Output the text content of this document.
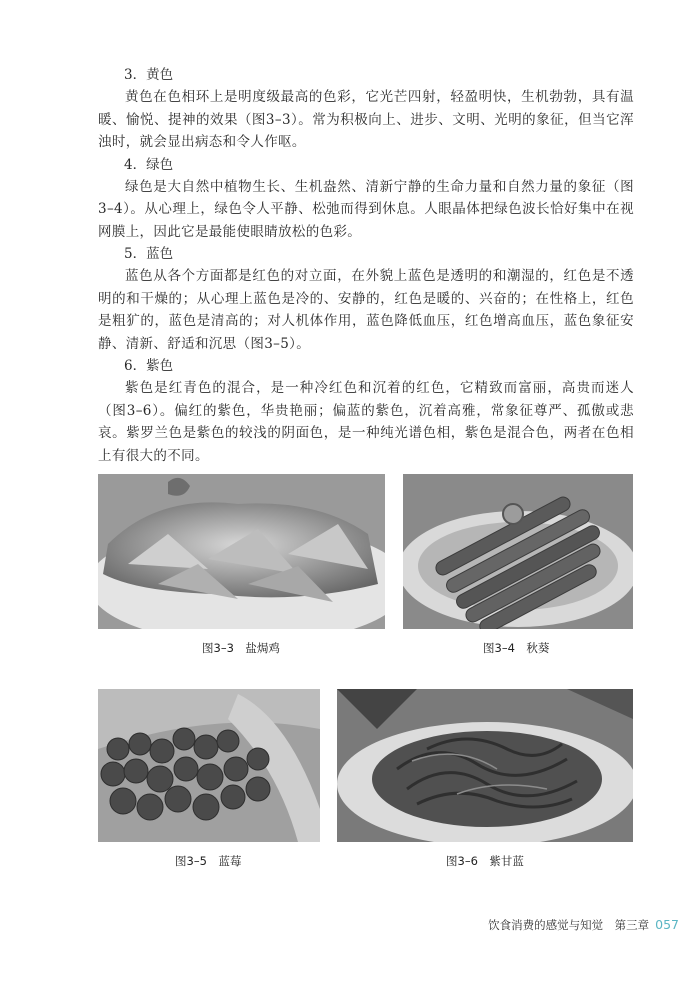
3．黄色

黄色在色相环上是明度级最高的色彩，它光芒四射，轻盈明快，生机勃勃，具有温暖、愉悦、提神的效果（图3–3）。常为积极向上、进步、文明、光明的象征，但当它浑浊时，就会显出病态和令人作呕。

4．绿色

绿色是大自然中植物生长、生机盎然、清新宁静的生命力量和自然力量的象征（图3–4）。从心理上，绿色令人平静、松弛而得到休息。人眼晶体把绿色波长恰好集中在视网膜上，因此它是最能使眼睛放松的色彩。

5．蓝色

蓝色从各个方面都是红色的对立面，在外貌上蓝色是透明的和潮湿的，红色是不透明的和干燥的；从心理上蓝色是冷的、安静的，红色是暖的、兴奋的；在性格上，红色是粗犷的，蓝色是清高的；对人机体作用，蓝色降低血压，红色增高血压，蓝色象征安静、清新、舒适和沉思（图3–5）。

6．紫色

紫色是红青色的混合，是一种冷红色和沉着的红色，它精致而富丽，高贵而迷人（图3–6）。偏红的紫色，华贵艳丽；偏蓝的紫色，沉着高雅，常象征尊严、孤傲或悲哀。紫罗兰色是紫色的较浅的阴面色，是一种纯光谱色相，紫色是混合色，两者在色相上有很大的不同。

图3–3　盐焗鸡	图3–4　秋葵
图3–5　蓝莓	图3–6　紫甘蓝
饮食消费的感觉与知觉　第三章 057
